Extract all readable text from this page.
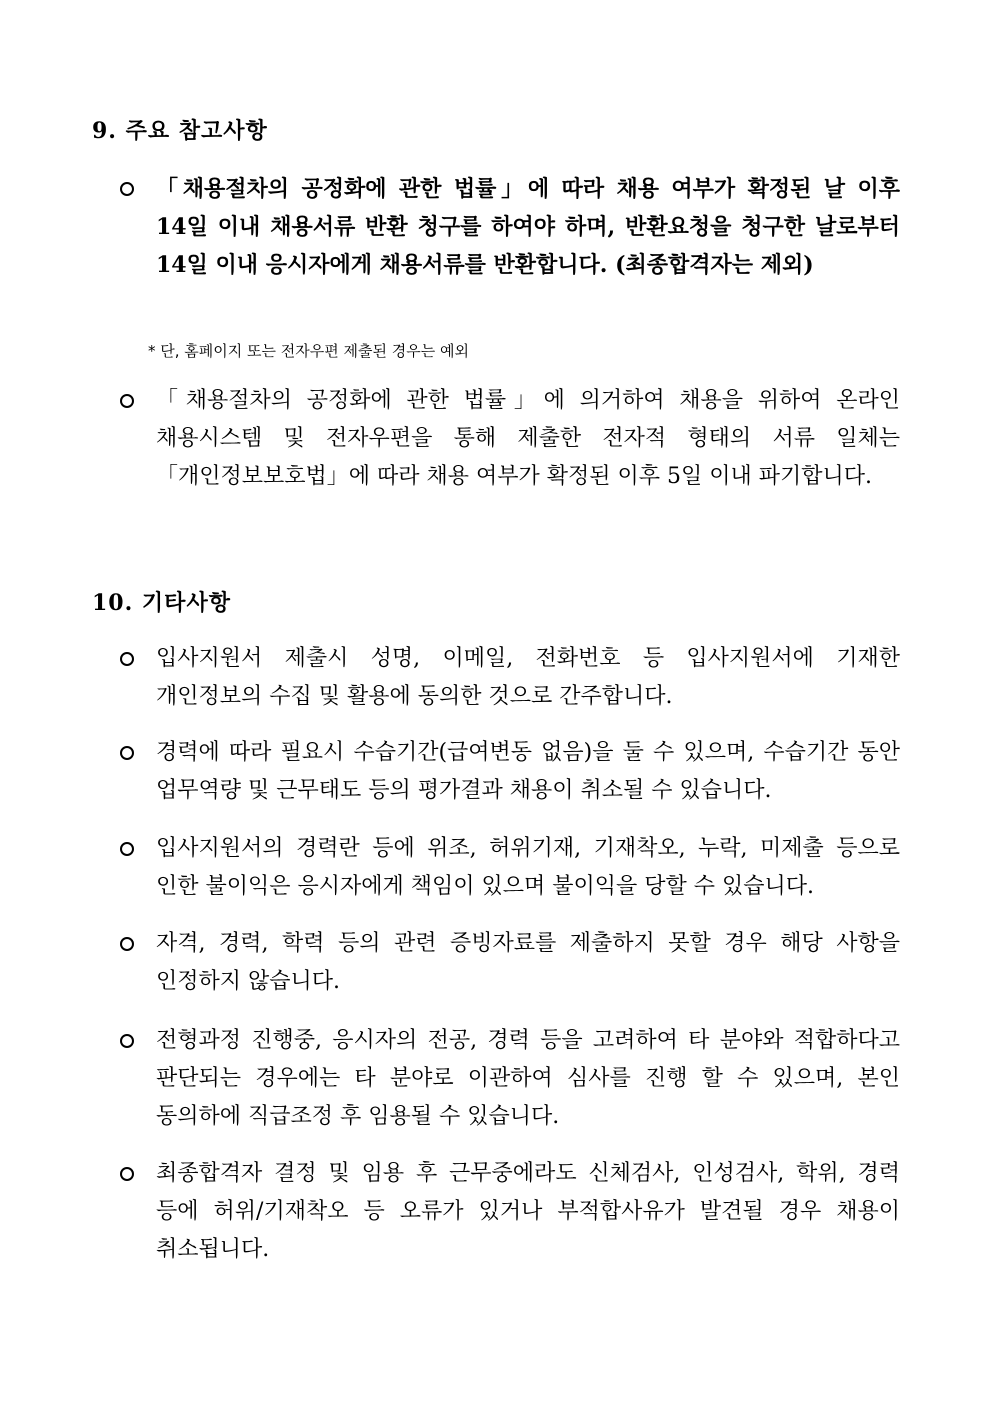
9. 주요 참고사항
「채용절차의 공정화에 관한 법률」에 따라 채용 여부가 확정된 날 이후 14일 이내 채용서류 반환 청구를 하여야 하며, 반환요청을 청구한 날로부터 14일 이내 응시자에게 채용서류를 반환합니다. (최종합격자는 제외)
* 단, 홈페이지 또는 전자우편 제출된 경우는 예외
「채용절차의 공정화에 관한 법률」에 의거하여 채용을 위하여 온라인 채용시스템 및 전자우편을 통해 제출한 전자적 형태의 서류 일체는 「개인정보보호법」에 따라 채용 여부가 확정된 이후 5일 이내 파기합니다.
10. 기타사항
입사지원서 제출시 성명, 이메일, 전화번호 등 입사지원서에 기재한 개인정보의 수집 및 활용에 동의한 것으로 간주합니다.
경력에 따라 필요시 수습기간(급여변동 없음)을 둘 수 있으며, 수습기간 동안 업무역량 및 근무태도 등의 평가결과 채용이 취소될 수 있습니다.
입사지원서의 경력란 등에 위조, 허위기재, 기재착오, 누락, 미제출 등으로 인한 불이익은 응시자에게 책임이 있으며 불이익을 당할 수 있습니다.
자격, 경력, 학력 등의 관련 증빙자료를 제출하지 못할 경우 해당 사항을 인정하지 않습니다.
전형과정 진행중, 응시자의 전공, 경력 등을 고려하여 타 분야와 적합하다고 판단되는 경우에는 타 분야로 이관하여 심사를 진행 할 수 있으며, 본인 동의하에 직급조정 후 임용될 수 있습니다.
최종합격자 결정 및 임용 후 근무중에라도 신체검사, 인성검사, 학위, 경력 등에 허위/기재착오 등 오류가 있거나 부적합사유가 발견될 경우 채용이 취소됩니다.
